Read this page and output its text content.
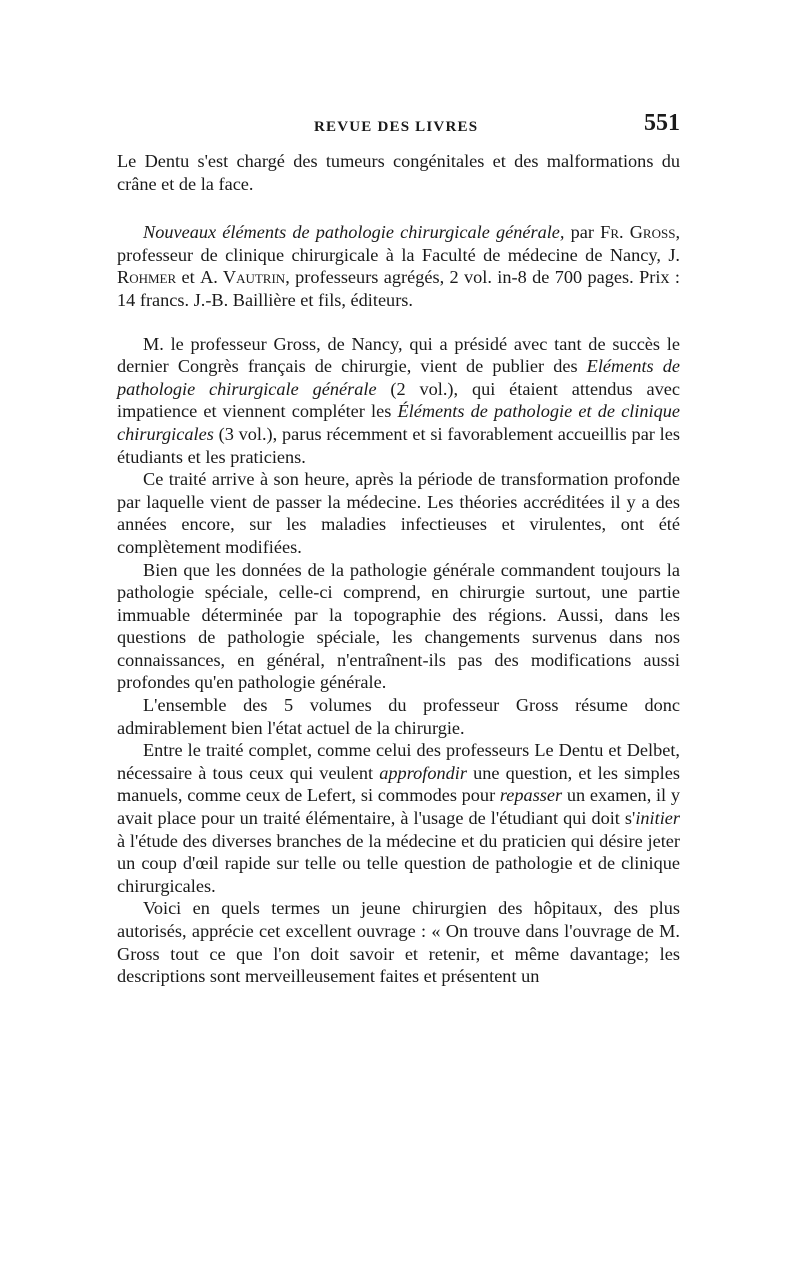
REVUE DES LIVRES	551

Le Dentu s'est chargé des tumeurs congénitales et des malformations du crâne et de la face.

Nouveaux éléments de pathologie chirurgicale générale, par Fr. Gross, professeur de clinique chirurgicale à la Faculté de médecine de Nancy, J. Rohmer et A. Vautrin, professeurs agrégés, 2 vol. in-8 de 700 pages. Prix : 14 francs. J.-B. Baillière et fils, éditeurs.

M. le professeur Gross, de Nancy, qui a présidé avec tant de succès le dernier Congrès français de chirurgie, vient de publier des Eléments de pathologie chirurgicale générale (2 vol.), qui étaient attendus avec impatience et viennent compléter les Éléments de pathologie et de clinique chirurgicales (3 vol.), parus récemment et si favorablement accueillis par les étudiants et les praticiens.

Ce traité arrive à son heure, après la période de transformation profonde par laquelle vient de passer la médecine. Les théories accréditées il y a des années encore, sur les maladies infectieuses et virulentes, ont été complètement modifiées.

Bien que les données de la pathologie générale commandent toujours la pathologie spéciale, celle-ci comprend, en chirurgie surtout, une partie immuable déterminée par la topographie des régions. Aussi, dans les questions de pathologie spéciale, les changements survenus dans nos connaissances, en général, n'entraînent-ils pas des modifications aussi profondes qu'en pathologie générale.

L'ensemble des 5 volumes du professeur Gross résume donc admirablement bien l'état actuel de la chirurgie.

Entre le traité complet, comme celui des professeurs Le Dentu et Delbet, nécessaire à tous ceux qui veulent approfondir une question, et les simples manuels, comme ceux de Lefert, si commodes pour repasser un examen, il y avait place pour un traité élémentaire, à l'usage de l'étudiant qui doit s'initier à l'étude des diverses branches de la médecine et du praticien qui désire jeter un coup d'œil rapide sur telle ou telle question de pathologie et de clinique chirurgicales.

Voici en quels termes un jeune chirurgien des hôpitaux, des plus autorisés, apprécie cet excellent ouvrage : « On trouve dans l'ouvrage de M. Gross tout ce que l'on doit savoir et retenir, et même davantage; les descriptions sont merveilleusement faites et présentent un
